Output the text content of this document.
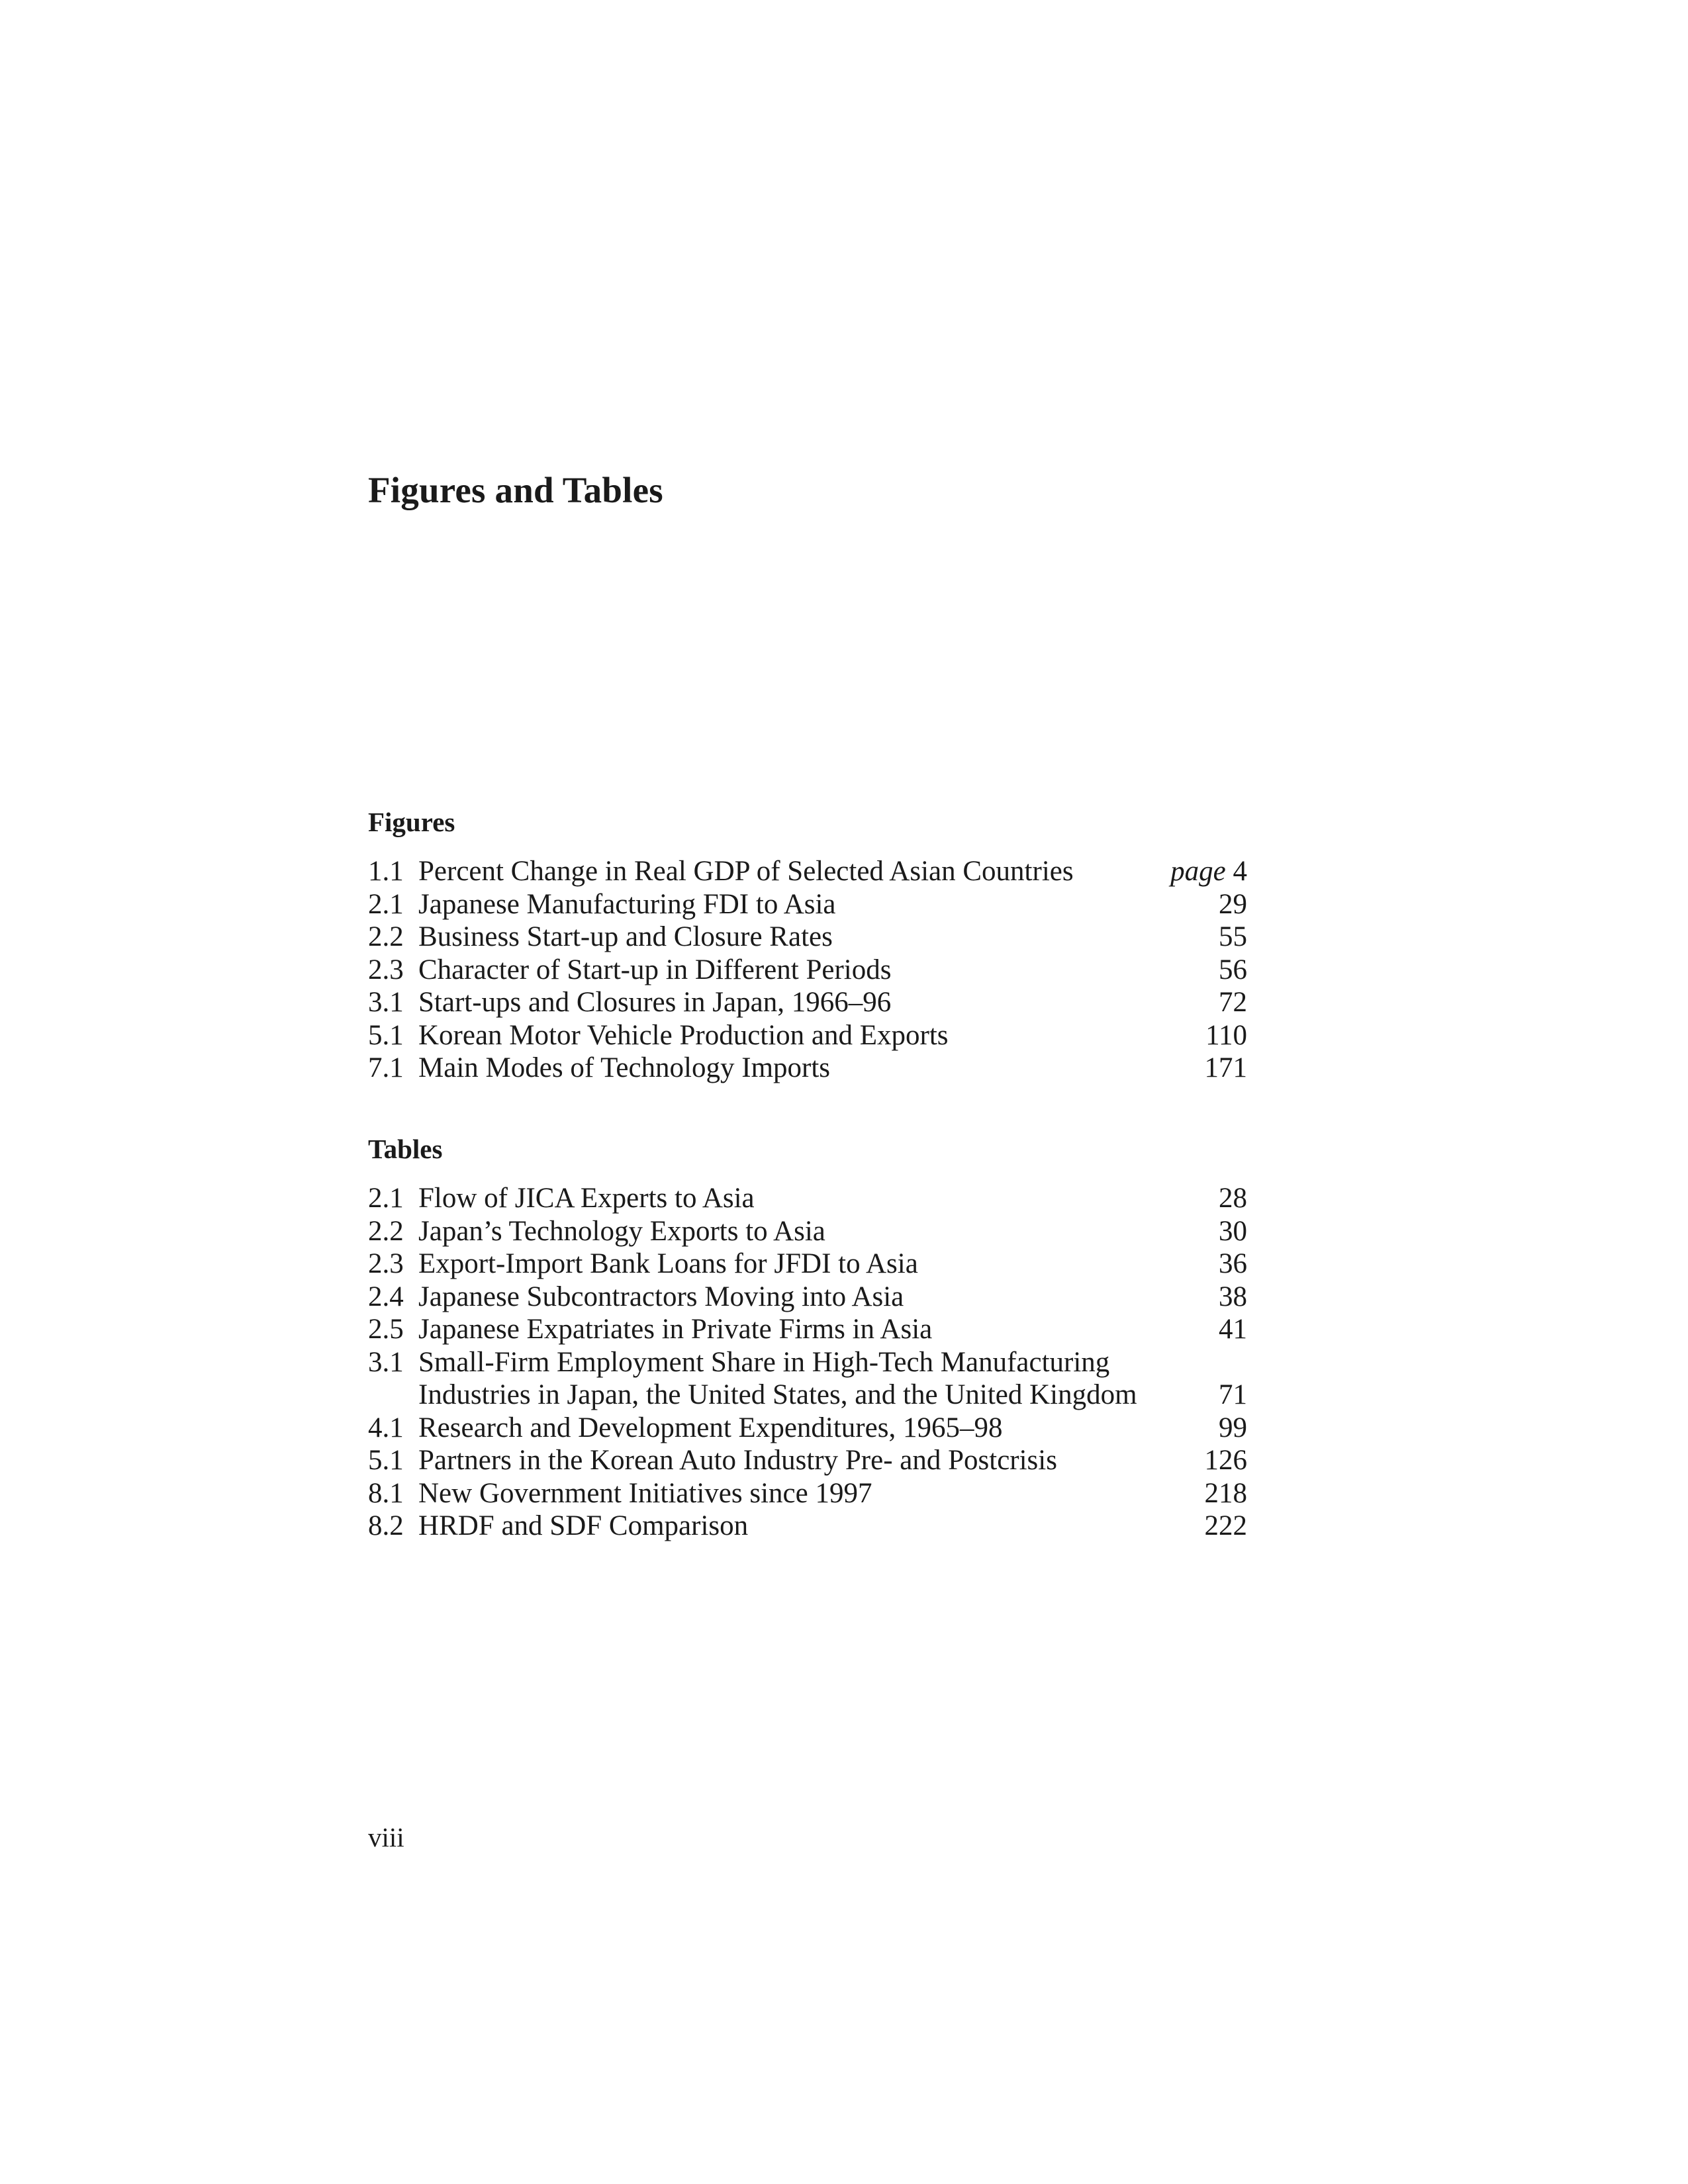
Figures and Tables
Figures
1.1 Percent Change in Real GDP of Selected Asian Countries	page 4
2.1 Japanese Manufacturing FDI to Asia	29
2.2 Business Start-up and Closure Rates	55
2.3 Character of Start-up in Different Periods	56
3.1 Start-ups and Closures in Japan, 1966–96	72
5.1 Korean Motor Vehicle Production and Exports	110
7.1 Main Modes of Technology Imports	171
Tables
2.1 Flow of JICA Experts to Asia	28
2.2 Japan’s Technology Exports to Asia	30
2.3 Export-Import Bank Loans for JFDI to Asia	36
2.4 Japanese Subcontractors Moving into Asia	38
2.5 Japanese Expatriates in Private Firms in Asia	41
3.1 Small-Firm Employment Share in High-Tech Manufacturing Industries in Japan, the United States, and the United Kingdom	71
4.1 Research and Development Expenditures, 1965–98	99
5.1 Partners in the Korean Auto Industry Pre- and Postcrisis	126
8.1 New Government Initiatives since 1997	218
8.2 HRDF and SDF Comparison	222
viii
